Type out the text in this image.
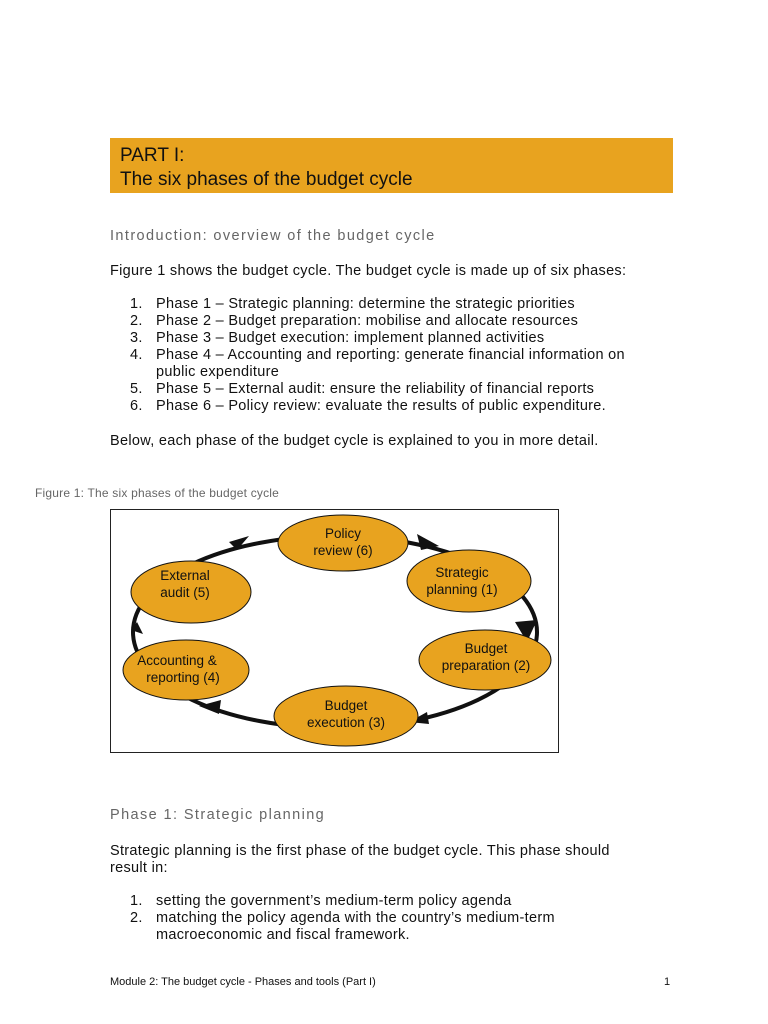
PART I:
The six phases of the budget cycle
Introduction: overview of the budget cycle
Figure 1 shows the budget cycle. The budget cycle is made up of six phases:
1. Phase 1 – Strategic planning: determine the strategic priorities
2. Phase 2 – Budget preparation: mobilise and allocate resources
3. Phase 3 – Budget execution: implement planned activities
4. Phase 4 – Accounting and reporting: generate financial information on
public expenditure
5. Phase 5 – External audit: ensure the reliability of financial reports
6. Phase 6 – Policy review: evaluate the results of public expenditure.
Below, each phase of the budget cycle is explained to you in more detail.
Figure 1: The six phases of the budget cycle
Policy
review (6)
Strategic
planning (1)
Budget
preparation (2)
Budget
execution (3)
Accounting &
reporting (4)
External
audit (5)
Phase 1: Strategic planning
Strategic planning is the first phase of the budget cycle. This phase should
result in:
1. setting the government’s medium-term policy agenda
2. matching the policy agenda with the country’s medium-term
macroeconomic and fiscal framework.
Module 2: The budget cycle - Phases and tools (Part I)	1
